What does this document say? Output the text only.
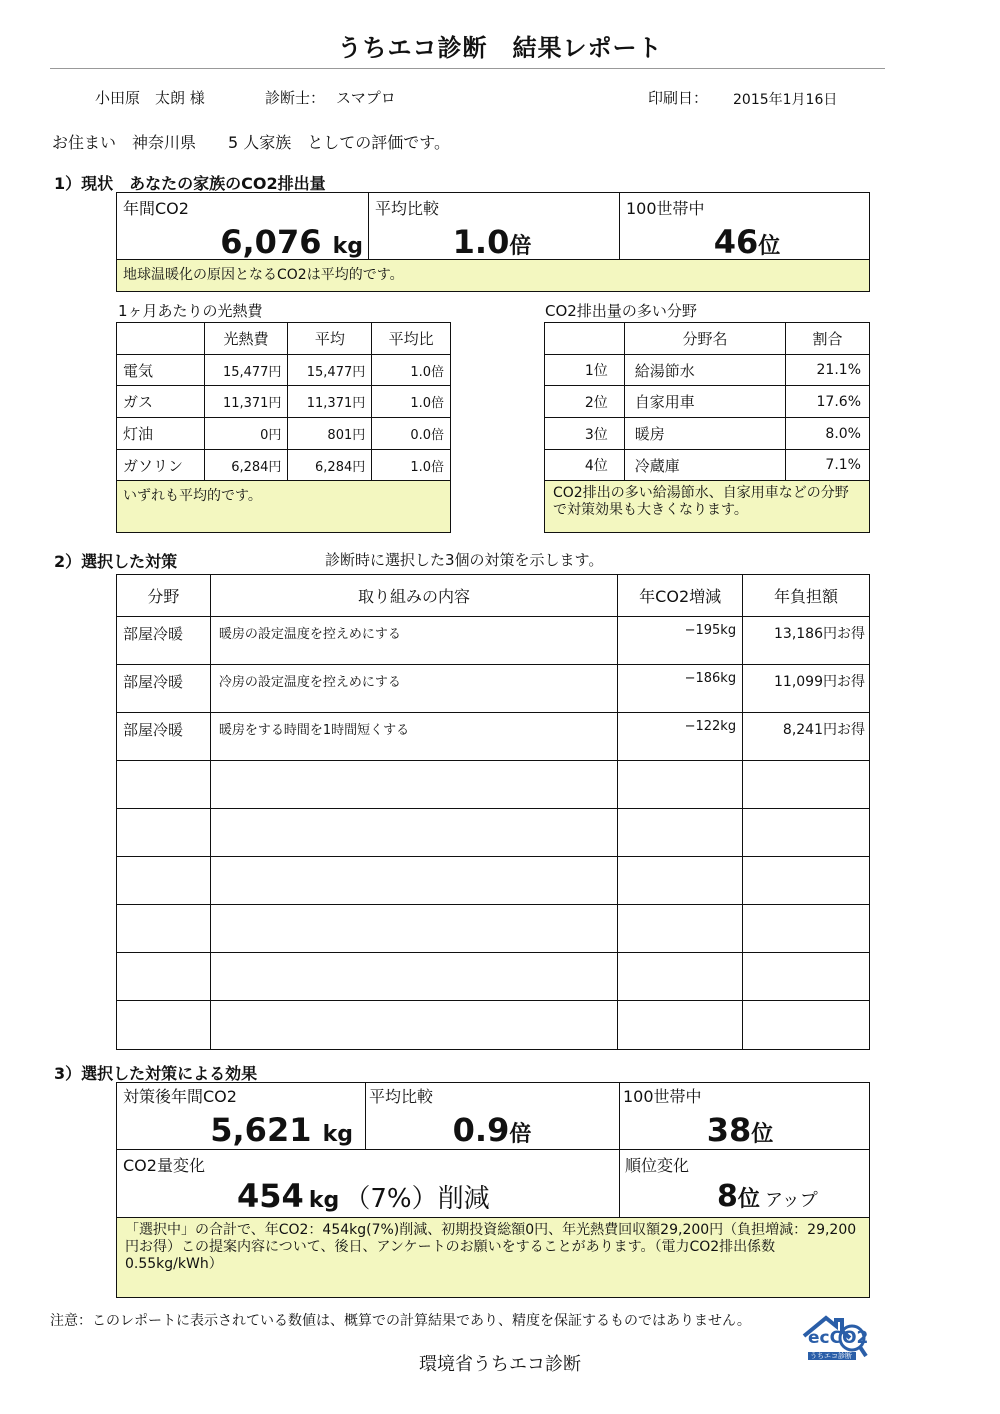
うちエコ診断　結果レポート
小田原　太朗 様	診断士： スマプロ	印刷日： 2015年1月16日
お住まい　神奈川県　　5 人家族　としての評価です。
1）現状　あなたの家族のCO2排出量
地球温暖化の原因となるCO2は平均的です。
年間CO2
6,076 kg
平均比較
1.0倍
100世帯中
46位
1ヶ月あたりの光熱費
	光熱費	平均	平均比
電気	15,477円	15,477円	1.0倍
ガス	11,371円	11,371円	1.0倍
灯油	0円	801円	0.0倍
ガソリン	6,284円	6,284円	1.0倍
いずれも平均的です。			
CO2排出量の多い分野
	分野名	割合
1位	給湯節水	21.1%
2位	自家用車	17.6%
3位	暖房	8.0%
4位	冷蔵庫	7.1%
CO2排出の多い給湯節水、自家用車などの分野で対策効果も大きくなります。		
2）選択した対策	診断時に選択した3個の対策を示します。
分野	取り組みの内容	年CO2増減	年負担額
部屋冷暖	暖房の設定温度を控えめにする	−195kg	13,186円お得
部屋冷暖	冷房の設定温度を控えめにする	−186kg	11,099円お得
部屋冷暖	暖房をする時間を1時間短くする	−122kg	8,241円お得

3）選択した対策による効果
「選択中」の合計で、年CO2：454kg(7%)削減、初期投資総額0円、年光熱費回収額29,200円（負担増減：29,200円お得）この提案内容について、後日、アンケートのお願いをすることがあります。（電力CO2排出係数 0.55kg/kWh）
対策後年間CO2
5,621 kg
平均比較
0.9倍
100世帯中
38位
CO2量変化
454 kg （7%）削減
順位変化
8位 アップ
注意：このレポートに表示されている数値は、概算での計算結果であり、精度を保証するものではありません。
環境省うちエコ診断
ecCO2
うちエコ診断
